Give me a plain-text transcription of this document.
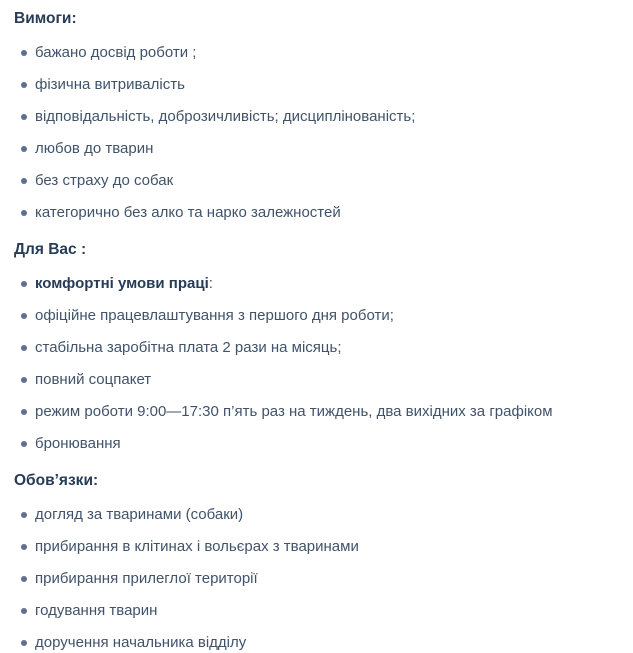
Вимоги:
бажано досвід роботи ;
фізична витривалість
відповідальність, доброзичливість; дисциплінованість;
любов до тварин
без страху до собак
категорично без алко та нарко залежностей
Для Вас :
комфортні умови праці:
офіційне працевлаштування з першого дня роботи;
стабільна заробітна плата 2 рази на місяць;
повний соцпакет
режим роботи 9:00—17:30 п’ять раз на тиждень, два вихідних за графіком
бронювання
Обов’язки:
догляд за тваринами (собаки)
прибирання в клітинах і вольєрах з тваринами
прибирання прилеглої території
годування тварин
доручення начальника відділу
